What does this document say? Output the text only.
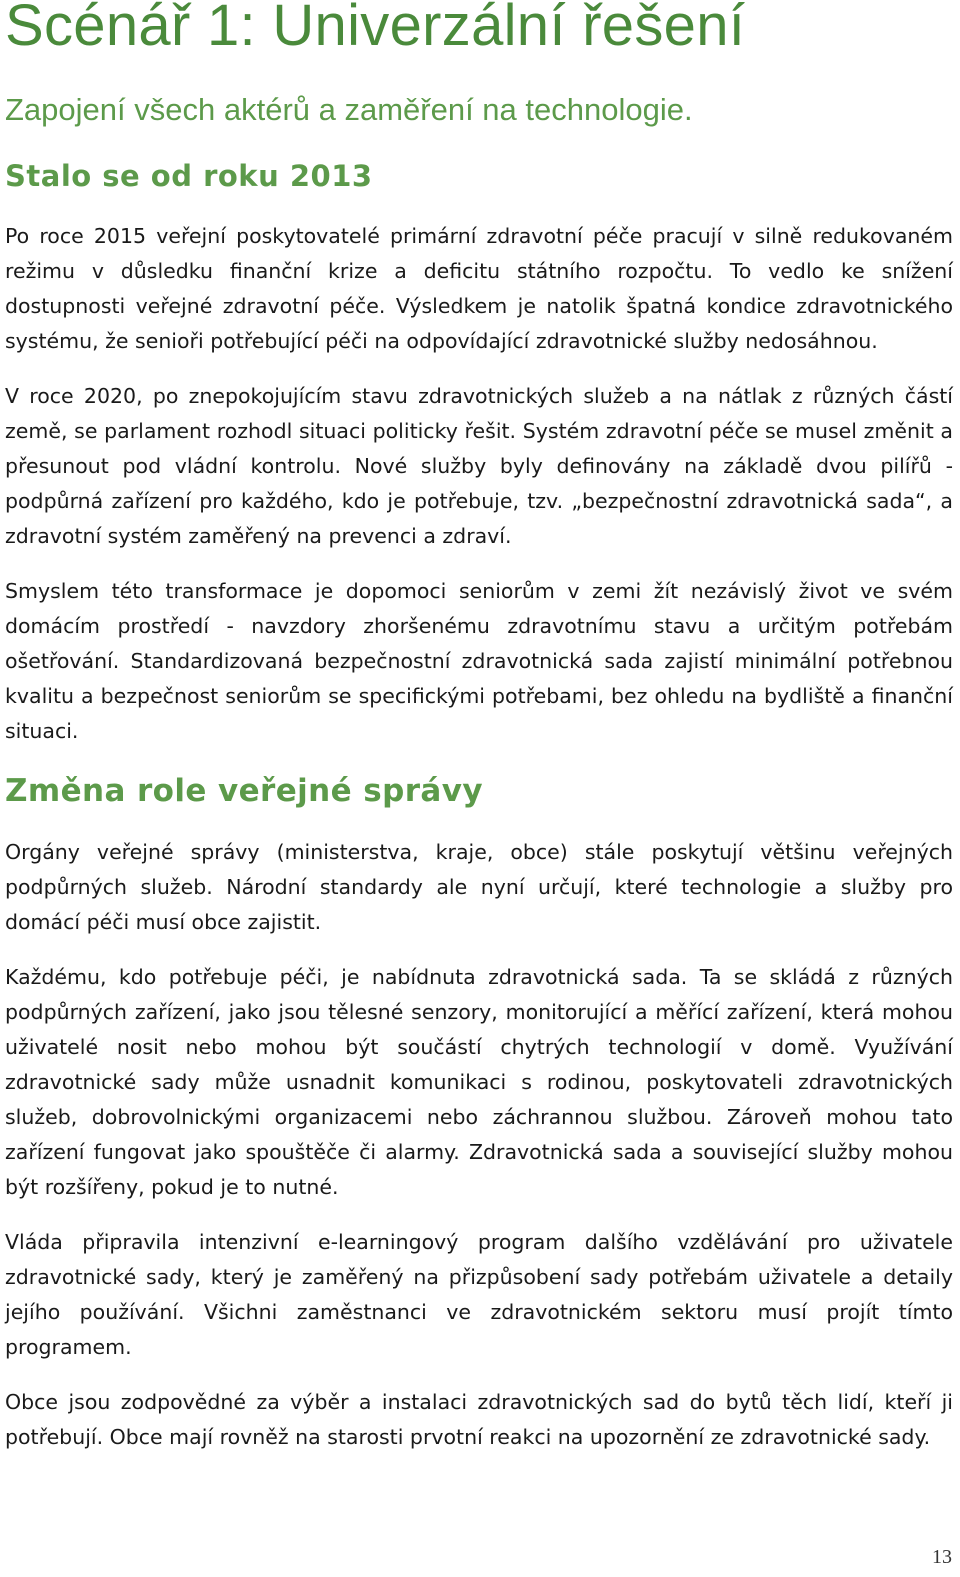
Scénář 1: Univerzální řešení
Zapojení všech aktérů a zaměření na technologie.
Stalo se od roku 2013

Po roce 2015 veřejní poskytovatelé primární zdravotní péče pracují v silně redukovaném režimu v důsledku finanční krize a deficitu státního rozpočtu. To vedlo ke snížení dostupnosti veřejné zdravotní péče. Výsledkem je natolik špatná kondice zdravotnického systému, že senioři potřebující péči na odpovídající zdravotnické služby nedosáhnou.

V roce 2020, po znepokojujícím stavu zdravotnických služeb a na nátlak z různých částí země, se parlament rozhodl situaci politicky řešit. Systém zdravotní péče se musel změnit a přesunout pod vládní kontrolu. Nové služby byly definovány na základě dvou pilířů - podpůrná zařízení pro každého, kdo je potřebuje, tzv. „bezpečnostní zdravotnická sada“, a zdravotní systém zaměřený na prevenci a zdraví.

Smyslem této transformace je dopomoci seniorům v zemi žít nezávislý život ve svém domácím prostředí - navzdory zhoršenému zdravotnímu stavu a určitým potřebám ošetřování. Standardizovaná bezpečnostní zdravotnická sada zajistí minimální potřebnou kvalitu a bezpečnost seniorům se specifickými potřebami, bez ohledu na bydliště a finanční situaci.

Změna role veřejné správy

Orgány veřejné správy (ministerstva, kraje, obce) stále poskytují většinu veřejných podpůrných služeb. Národní standardy ale nyní určují, které technologie a služby pro domácí péči musí obce zajistit.

Každému, kdo potřebuje péči, je nabídnuta zdravotnická sada. Ta se skládá z různých podpůrných zařízení, jako jsou tělesné senzory, monitorující a měřící zařízení, která mohou uživatelé nosit nebo mohou být součástí chytrých technologií v domě. Využívání zdravotnické sady může usnadnit komunikaci s rodinou, poskytovateli zdravotnických služeb, dobrovolnickými organizacemi nebo záchrannou službou. Zároveň mohou tato zařízení fungovat jako spouštěče či alarmy. Zdravotnická sada a související služby mohou být rozšířeny, pokud je to nutné.

Vláda připravila intenzivní e-learningový program dalšího vzdělávání pro uživatele zdravotnické sady, který je zaměřený na přizpůsobení sady potřebám uživatele a detaily jejího používání. Všichni zaměstnanci ve zdravotnickém sektoru musí projít tímto programem.

Obce jsou zodpovědné za výběr a instalaci zdravotnických sad do bytů těch lidí, kteří ji potřebují. Obce mají rovněž na starosti prvotní reakci na upozornění ze zdravotnické sady.

13
